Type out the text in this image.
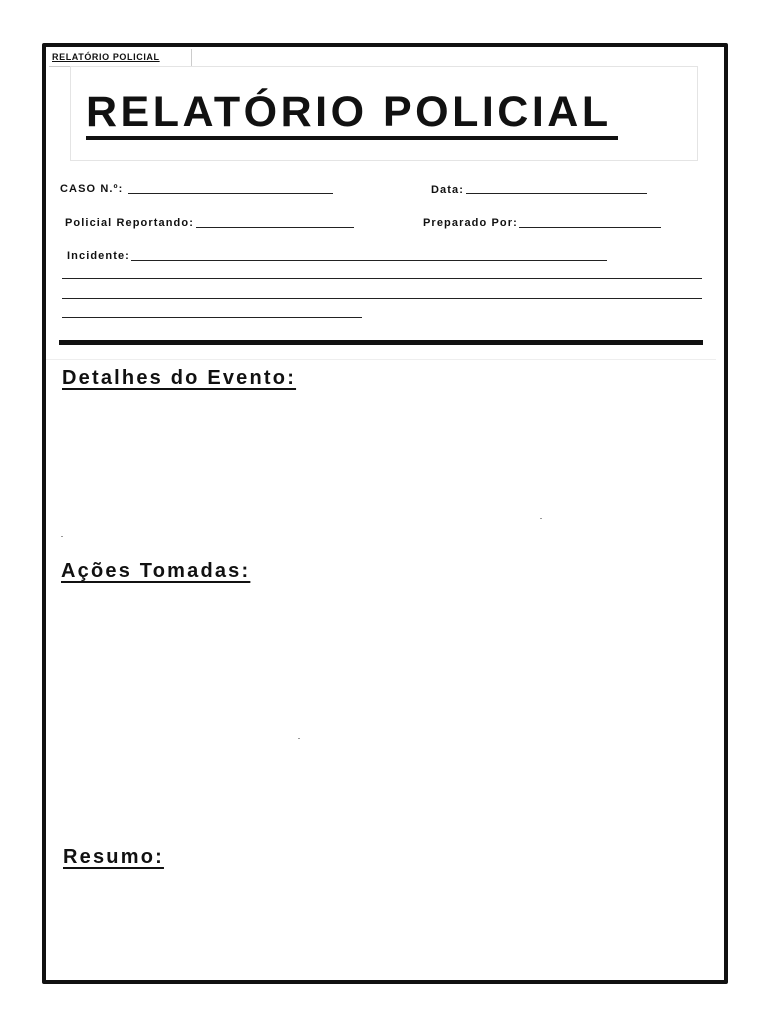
RELATÓRIO POLICIAL
RELATÓRIO POLICIAL
CASO N.º:	Data:
Policial Reportando:	Preparado Por:
Incidente:
Detalhes do Evento:
Ações Tomadas:
Resumo:
